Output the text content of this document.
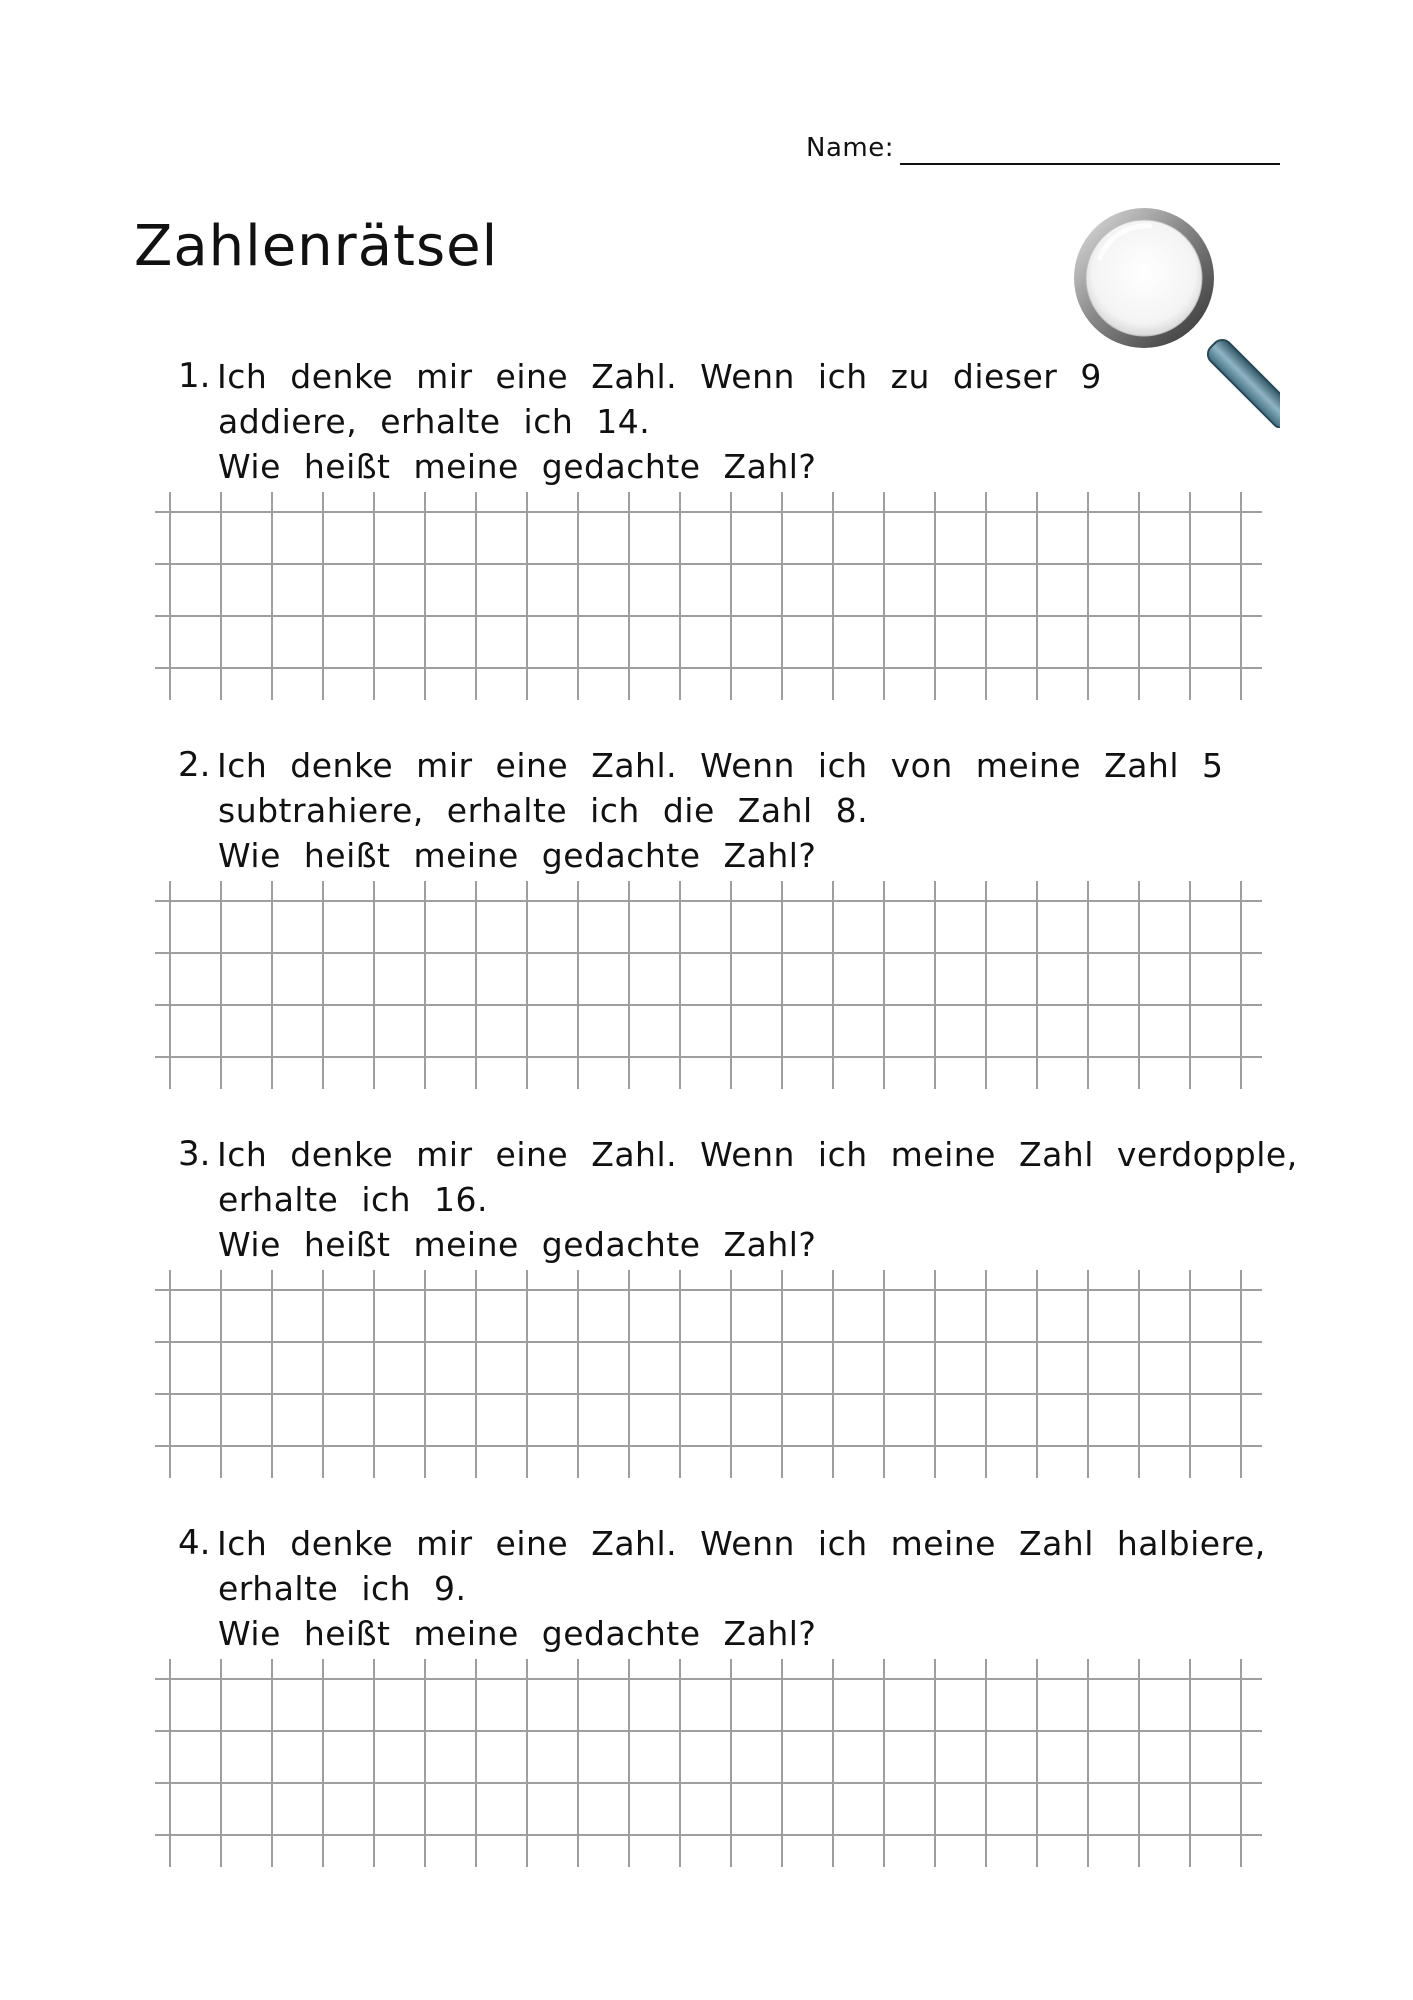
Name:
Zahlenrätsel
1. Ich denke mir eine Zahl. Wenn ich zu dieser 9
addiere, erhalte ich 14.
Wie heißt meine gedachte Zahl?
2. Ich denke mir eine Zahl. Wenn ich von meine Zahl 5
subtrahiere, erhalte ich die Zahl 8.
Wie heißt meine gedachte Zahl?
3. Ich denke mir eine Zahl. Wenn ich meine Zahl verdopple,
erhalte ich 16.
Wie heißt meine gedachte Zahl?
4. Ich denke mir eine Zahl. Wenn ich meine Zahl halbiere,
erhalte ich 9.
Wie heißt meine gedachte Zahl?
